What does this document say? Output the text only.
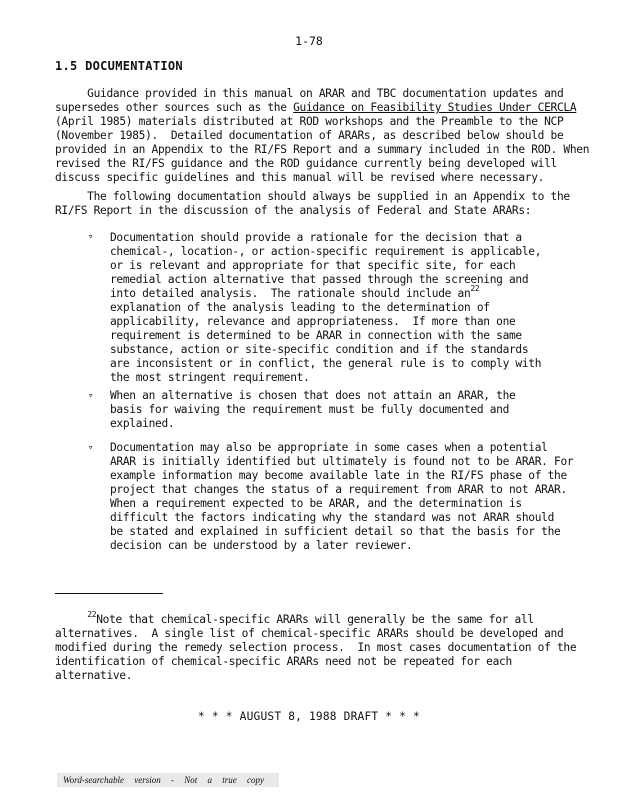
1-78
1.5 DOCUMENTATION
Guidance provided in this manual on ARAR and TBC documentation updates and
supersedes other sources such as the Guidance on Feasibility Studies Under CERCLA
(April 1985) materials distributed at ROD workshops and the Preamble to the NCP
(November 1985).  Detailed documentation of ARARs, as described below should be
provided in an Appendix to the RI/FS Report and a summary included in the ROD. When
revised the RI/FS guidance and the ROD guidance currently being developed will
discuss specific guidelines and this manual will be revised where necessary.
The following documentation should always be supplied in an Appendix to the
RI/FS Report in the discussion of the analysis of Federal and State ARARs:
▿ Documentation should provide a rationale for the decision that a
chemical-, location-, or action-specific requirement is applicable,
or is relevant and appropriate for that specific site, for each
remedial action alternative that passed through the screening and
into detailed analysis.  The rationale should include $an^{22}$
explanation of the analysis leading to the determination of
applicability, relevance and appropriateness.  If more than one
requirement is determined to be ARAR in connection with the same
substance, action or site-specific condition and if the standards
are inconsistent or in conflict, the general rule is to comply with
the most stringent requirement.
▿ When an alternative is chosen that does not attain an ARAR, the
basis for waiving the requirement must be fully documented and
explained.
▿ Documentation may also be appropriate in some cases when a potential
ARAR is initially identified but ultimately is found not to be ARAR. For
example information may become available late in the RI/FS phase of the
project that changes the status of a requirement from ARAR to not ARAR.
When a requirement expected to be ARAR, and the determination is
difficult the factors indicating why the standard was not ARAR should
be stated and explained in sufficient detail so that the basis for the
decision can be understood by a later reviewer.
$^{22}$Note that chemical-specific ARARs will generally be the same for all
alternatives.  A single list of chemical-specific ARARs should be developed and
modified during the remedy selection process.  In most cases documentation of the
identification of chemical-specific ARARs need not be repeated for each
alternative.
* * * AUGUST 8, 1988 DRAFT * * *
Word-searchable version - Not a true copy
